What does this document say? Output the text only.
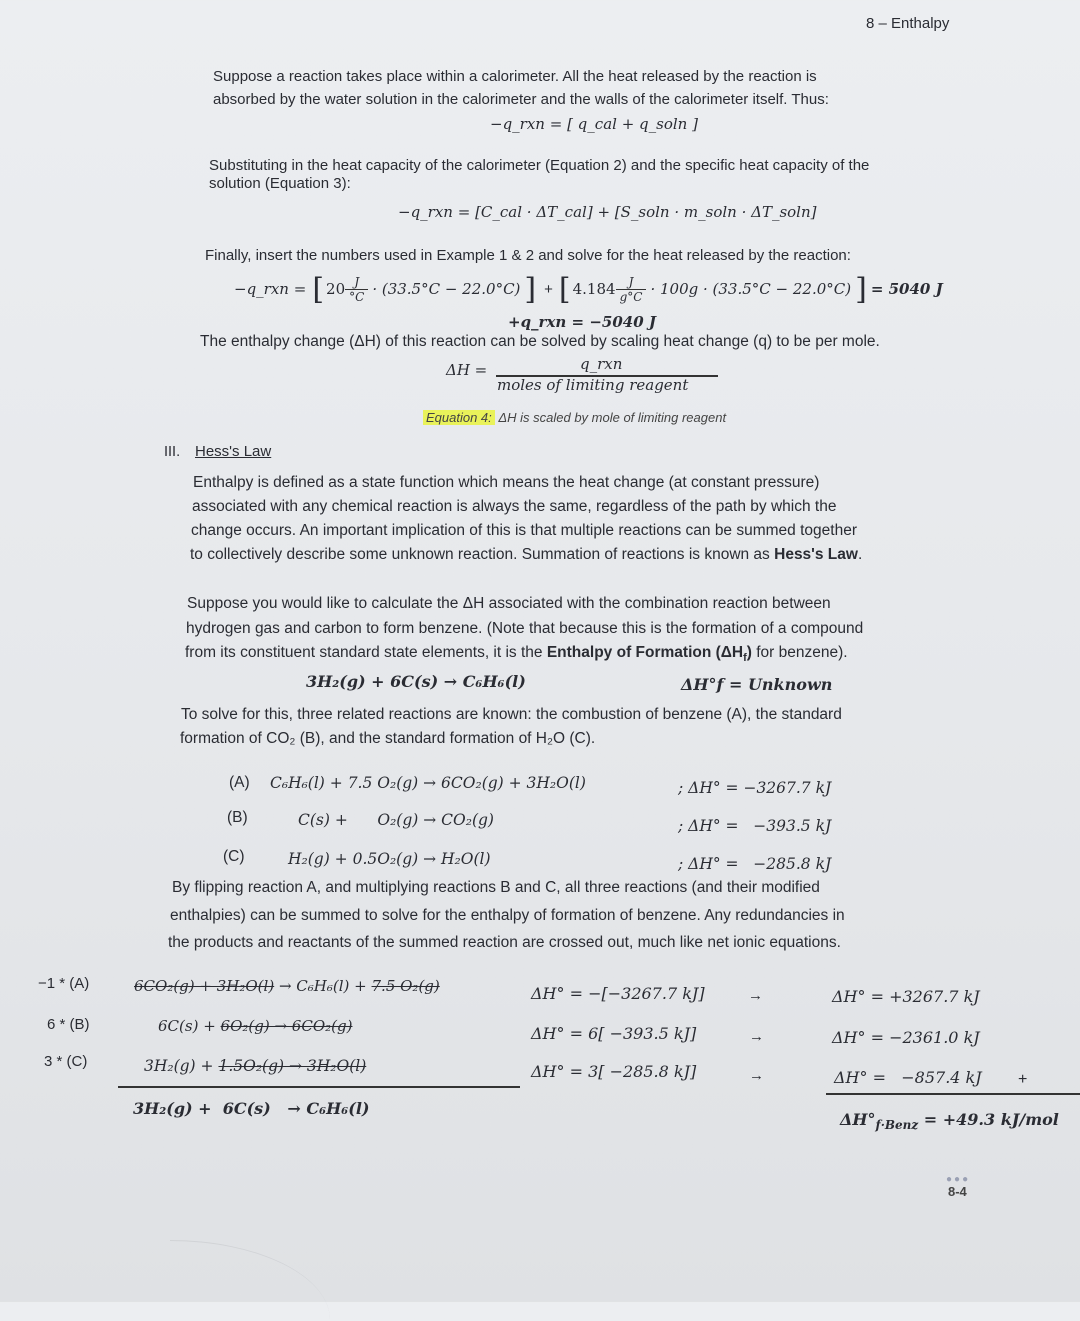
8 – Enthalpy
Suppose a reaction takes place within a calorimeter. All the heat released by the reaction is
absorbed by the water solution in the calorimeter and the walls of the calorimeter itself. Thus:
−q_rxn = [ q_cal + q_soln ]
Substituting in the heat capacity of the calorimeter (Equation 2) and the specific heat capacity of the
solution (Equation 3):
−q_rxn = [C_cal · ΔT_cal] + [S_soln · m_soln · ΔT_soln]
Finally, insert the numbers used in Example 1 & 2 and solve for the heat released by the reaction:
−q_rxn = [ $20 \frac{J}{^\circ C} \cdot (33.5^\circ C - 22.0^\circ C)$ ] + [ $4.184 \frac{J}{g^\circ C} \cdot 100g \cdot (33.5^\circ C - 22.0^\circ C)$ ] = 5040 J
+q_rxn = −5040 J
The enthalpy change (ΔH) of this reaction can be solved by scaling heat change (q) to be per mole.
ΔH =	q_rxn
moles of limiting reagent
Equation 4: ΔH is scaled by mole of limiting reagent
III. Hess's Law
Enthalpy is defined as a state function which means the heat change (at constant pressure)
associated with any chemical reaction is always the same, regardless of the path by which the
change occurs. An important implication of this is that multiple reactions can be summed together
to collectively describe some unknown reaction. Summation of reactions is known as Hess's Law.
Suppose you would like to calculate the ΔH associated with the combination reaction between
hydrogen gas and carbon to form benzene. (Note that because this is the formation of a compound
from its constituent standard state elements, it is the Enthalpy of Formation $(\Delta H_f)$ for benzene).
3H₂(g) + 6C(s) → C₆H₆(l)	ΔH°f = Unknown
To solve for this, three related reactions are known: the combustion of benzene (A), the standard
formation of CO₂ (B), and the standard formation of H₂O (C).
(A) C₆H₆(l) + 7.5 O₂(g) → 6CO₂(g) + 3H₂O(l)	; ΔH° = −3267.7 kJ
(B)	C(s) +      O₂(g) → CO₂(g)	; ΔH° =   −393.5 kJ
(C)	H₂(g) + 0.5O₂(g) → H₂O(l)	; ΔH° =   −285.8 kJ
By flipping reaction A, and multiplying reactions B and C, all three reactions (and their modified
enthalpies) can be summed to solve for the enthalpy of formation of benzene. Any redundancies in
the products and reactants of the summed reaction are crossed out, much like net ionic equations.
−1 * (A)	6CO₂(g) + 3H₂O(l) → C₆H₆(l) + 7.5 O₂(g)	ΔH° = −[−3267.7 kJ]	→	ΔH° = +3267.7 kJ
6 * (B)	6C(s) + 6O₂(g) → 6CO₂(g)	ΔH° = 6[ −393.5 kJ]	→	ΔH° = −2361.0 kJ
3 * (C)	3H₂(g) + 1.5O₂(g) → 3H₂O(l)	ΔH° = 3[ −285.8 kJ]	→	ΔH° =   −857.4 kJ +
3H₂(g) +  6C(s)   → C₆H₆(l)
$\Delta H^\circ_{f\cdot Benz} = +49.3$ kJ/mol
●●●
8-4
